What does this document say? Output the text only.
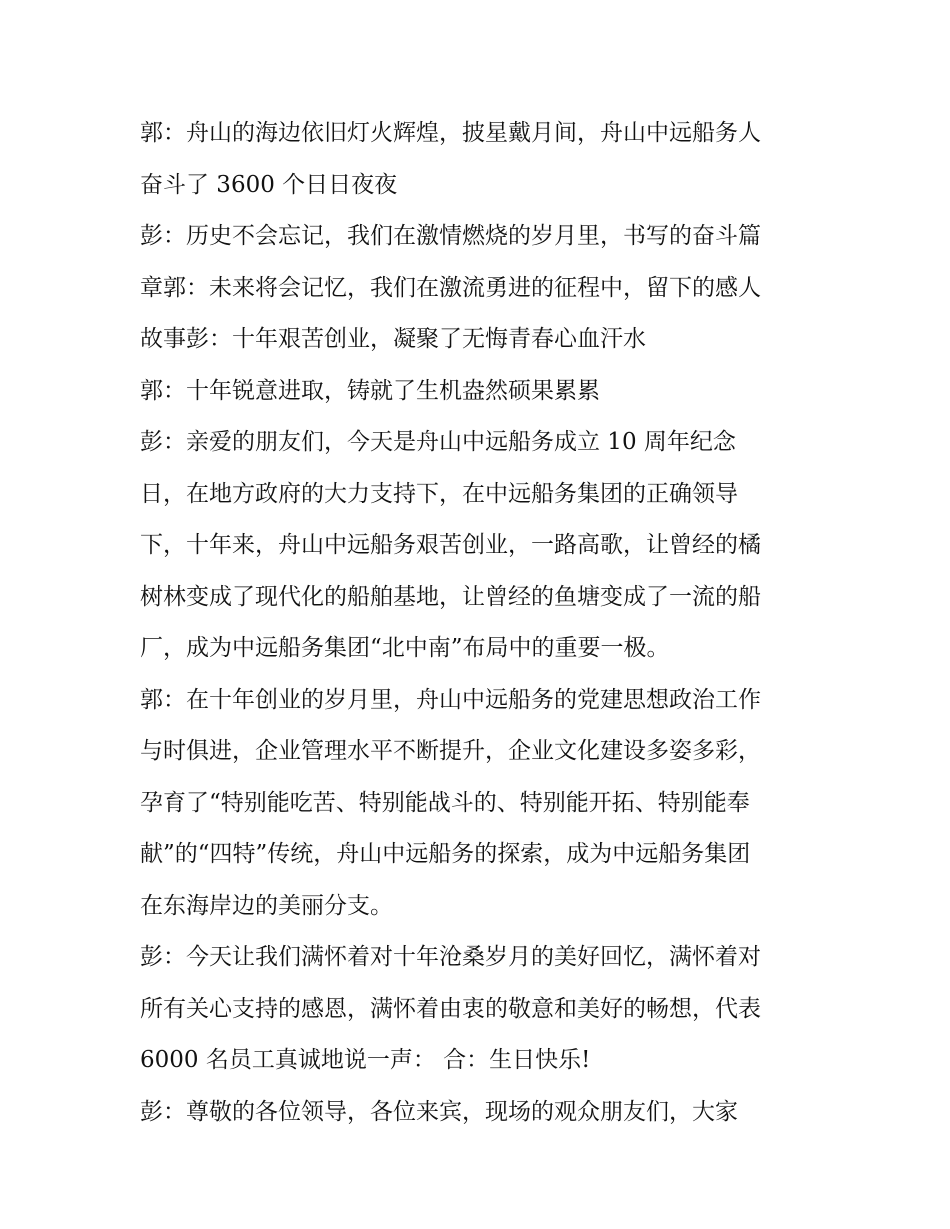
郭：舟山的海边依旧灯火辉煌，披星戴月间，舟山中远船务人
奋斗了 3600 个日日夜夜

彭：历史不会忘记，我们在激情燃烧的岁月里，书写的奋斗篇
章郭：未来将会记忆，我们在激流勇进的征程中，留下的感人
故事彭：十年艰苦创业，凝聚了无悔青春心血汗水

郭：十年锐意进取，铸就了生机盎然硕果累累

彭：亲爱的朋友们，今天是舟山中远船务成立 10 周年纪念
日，在地方政府的大力支持下，在中远船务集团的正确领导
下，十年来，舟山中远船务艰苦创业，一路高歌，让曾经的橘
树林变成了现代化的船舶基地，让曾经的鱼塘变成了一流的船
厂，成为中远船务集团“北中南”布局中的重要一极。

郭：在十年创业的岁月里，舟山中远船务的党建思想政治工作
与时俱进，企业管理水平不断提升，企业文化建设多姿多彩，
孕育了“特别能吃苦、特别能战斗的、特别能开拓、特别能奉
献”的“四特”传统，舟山中远船务的探索，成为中远船务集团
在东海岸边的美丽分支。

彭：今天让我们满怀着对十年沧桑岁月的美好回忆，满怀着对
所有关心支持的感恩，满怀着由衷的敬意和美好的畅想，代表
6000 名员工真诚地说一声： 合：生日快乐!

彭：尊敬的各位领导，各位来宾，现场的观众朋友们，大家
